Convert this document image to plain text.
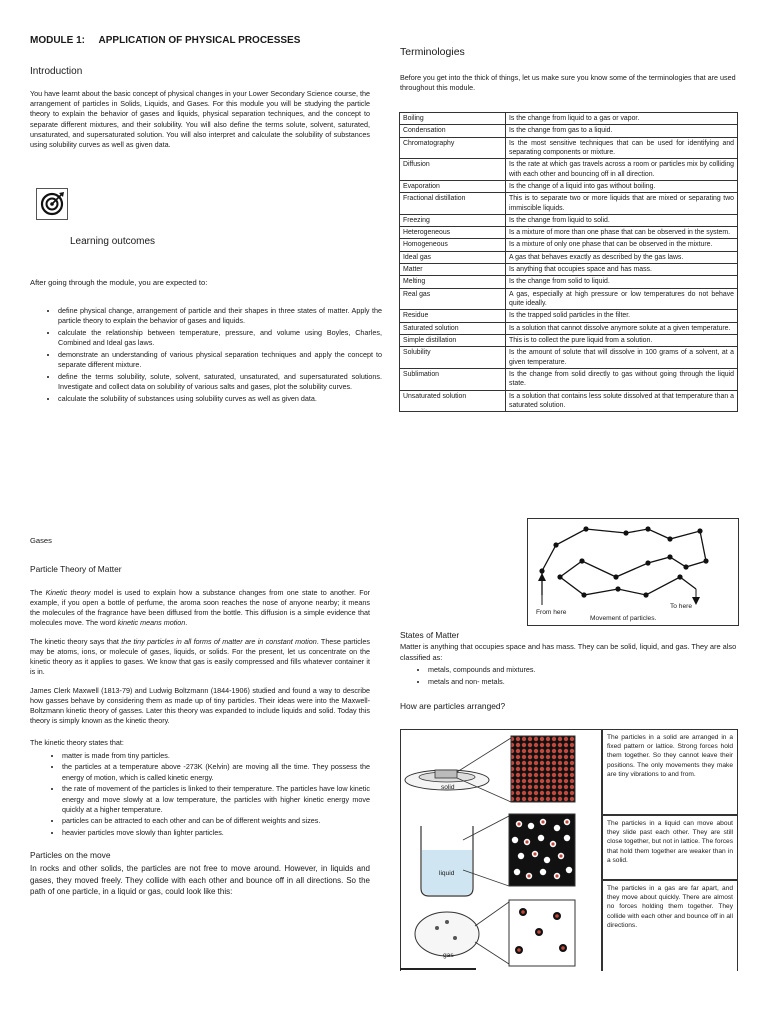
MODULE 1:     APPLICATION OF PHYSICAL PROCESSES
Introduction

You have learnt about the basic concept of physical changes in your Lower Secondary Science course, the arrangement of particles in Solids, Liquids, and Gases. For this module you will be studying the particle theory to explain the behavior of gases and liquids, physical separation techniques, and the concept to separate different mixtures, and their solubility. You will also define the terms solute, solvent, saturated, unsaturated, and supersaturated solution. You will also interpret and calculate the solubility of substances using solubility curves as well as given data.

Learning outcomes

After going through the module, you are expected to:

• define physical change, arrangement of particle and their shapes in three states of matter. Apply the particle theory to explain the behavior of gases and liquids.
• calculate the relationship between temperature, pressure, and volume using Boyles, Charles, Combined and Ideal gas laws.
• demonstrate an understanding of various physical separation techniques and apply the concept to separate different mixture.
• define the terms solubility, solute, solvent, saturated, unsaturated, and supersaturated solutions. Investigate and collect data on solubility of various salts and gases, plot the solubility curves.
• calculate the solubility of substances using solubility curves as well as given data.
Terminologies

Before you get into the thick of things, let us make sure you know some of the terminologies that are used throughout this module.

Boiling	Is the change from liquid to a gas or vapor.
Condensation	Is the change from gas to a liquid.
Chromatography	Is the most sensitive techniques that can be used for identifying and separating components or mixture.
Diffusion	Is the rate at which gas travels across a room or particles mix by colliding with each other and bouncing off in all direction.
Evaporation	Is the change of a liquid into gas without boiling.
Fractional distillation	This is to separate two or more liquids that are mixed or separating two immiscible liquids.
Freezing	Is the change from liquid to solid.
Heterogeneous	Is a mixture of more than one phase that can be observed in the system.
Homogeneous	Is a mixture of only one phase that can be observed in the mixture.
Ideal gas	A gas that behaves exactly as described by the gas laws.
Matter	Is anything that occupies space and has mass.
Melting	Is the change from solid to liquid.
Real gas	A gas, especially at high pressure or low temperatures do not behave quite ideally.
Residue	Is the trapped solid particles in the filter.
Saturated solution	Is a solution that cannot dissolve anymore solute at a given temperature.
Simple distillation	This is to collect the pure liquid from a solution.
Solubility	Is the amount of solute that will dissolve in 100 grams of a solvent, at a given temperature.
Sublimation	Is the change from solid directly to gas without going through the liquid state.
Unsaturated solution	Is a solution that contains less solute dissolved at that temperature than a saturated solution.

Gases

Particle Theory of Matter

The Kinetic theory model is used to explain how a substance changes from one state to another. For example, if you open a bottle of perfume, the aroma soon reaches the nose of anyone nearby; it means the molecules of the fragrance have been diffused from the bottle. This diffusion is a simple evidence that molecules move. The word kinetic means motion.

The kinetic theory says that the tiny particles in all forms of matter are in constant motion. These particles may be atoms, ions, or molecule of gases, liquids, or solids. For the present, let us concentrate on the kinetic theory as it applies to gases. We know that gas is easily compressed and fills whatever container it is in.

James Clerk Maxwell (1813-79) and Ludwig Boltzmann (1844-1906) studied and found a way to describe how gasses behave by considering them as made up of tiny particles. Their ideas were into the Maxwell-Boltzmann kinetic theory of gasses. Later this theory was expanded to include liquids and solid. Today this theory is simply known as the kinetic theory.

The kinetic theory states that:

• matter is made from tiny particles.
• the particles at a temperature above -273K (Kelvin) are moving all the time. They possess the energy of motion, which is called kinetic energy.
• the rate of movement of the particles is linked to their temperature. The particles have low kinetic energy and move slowly at a low temperature, the particles with higher kinetic energy move quickly at a higher temperature.
• particles can be attracted to each other and can be of different weights and sizes.
• heavier particles move slowly than lighter particles.
Particles on the move

In rocks and other solids, the particles are not free to move around. However, in liquids and gases, they moved freely. They collide with each other and bounce off in all directions. So the path of one particle, in a liquid or gas, could look like this:

From here
Movement of particles.
To here
States of Matter

Matter is anything that occupies space and has mass. They can be solid, liquid, and gas. They are also classified as:

• metals, compounds and mixtures.
• metals and non- metals.
How are particles arranged?
solid
liquid
gas
The particles in a solid are arranged in a fixed pattern or lattice. Strong forces hold them together. So they cannot leave their positions. The only movements they make are tiny vibrations to and from.
The particles in a liquid can move about they slide past each other. They are still close together, but not in lattice. The forces that hold them together are weaker than in a solid.
The particles in a gas are far apart, and they move about quickly. There are almost no forces holding them together. They collide with each other and bounce off in all directions.
